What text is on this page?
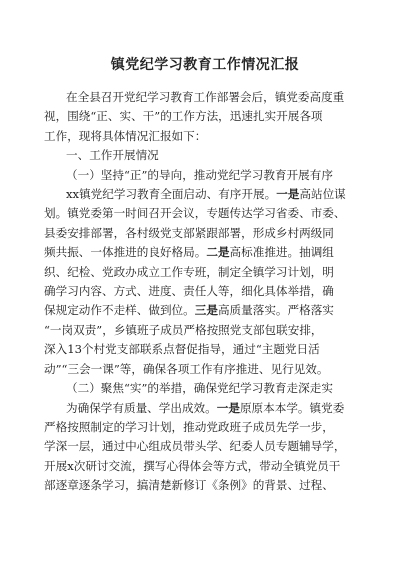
镇党纪学习教育工作情况汇报
在全县召开党纪学习教育工作部署会后，镇党委高度重
视，围绕“正、实、干”的工作方法，迅速扎实开展各项
工作，现将具体情况汇报如下：
一、工作开展情况
（一）坚持“正”的导向，推动党纪学习教育开展有序
xx镇党纪学习教育全面启动、有序开展。一是高站位谋
划。镇党委第一时间召开会议，专题传达学习省委、市委、
县委安排部署，各村级党支部紧跟部署，形成乡村两级同
频共振、一体推进的良好格局。二是高标准推进。抽调组
织、纪检、党政办成立工作专班，制定全镇学习计划，明
确学习内容、方式、进度、责任人等，细化具体举措，确
保规定动作不走样、做到位。三是高质量落实。严格落实
“一岗双责”，乡镇班子成员严格按照党支部包联安排，
深入13个村党支部联系点督促指导，通过“主题党日活
动”“三会一课”等，确保各项工作有序推进、见行见效。
（二）聚焦“实”的举措，确保党纪学习教育走深走实
为确保学有质量、学出成效。一是原原本本学。镇党委
严格按照制定的学习计划，推动党政班子成员先学一步，
学深一层，通过中心组成员带头学、纪委人员专题辅导学，
开展x次研讨交流，撰写心得体会等方式，带动全镇党员干
部逐章逐条学习，搞清楚新修订《条例》的背景、过程、
